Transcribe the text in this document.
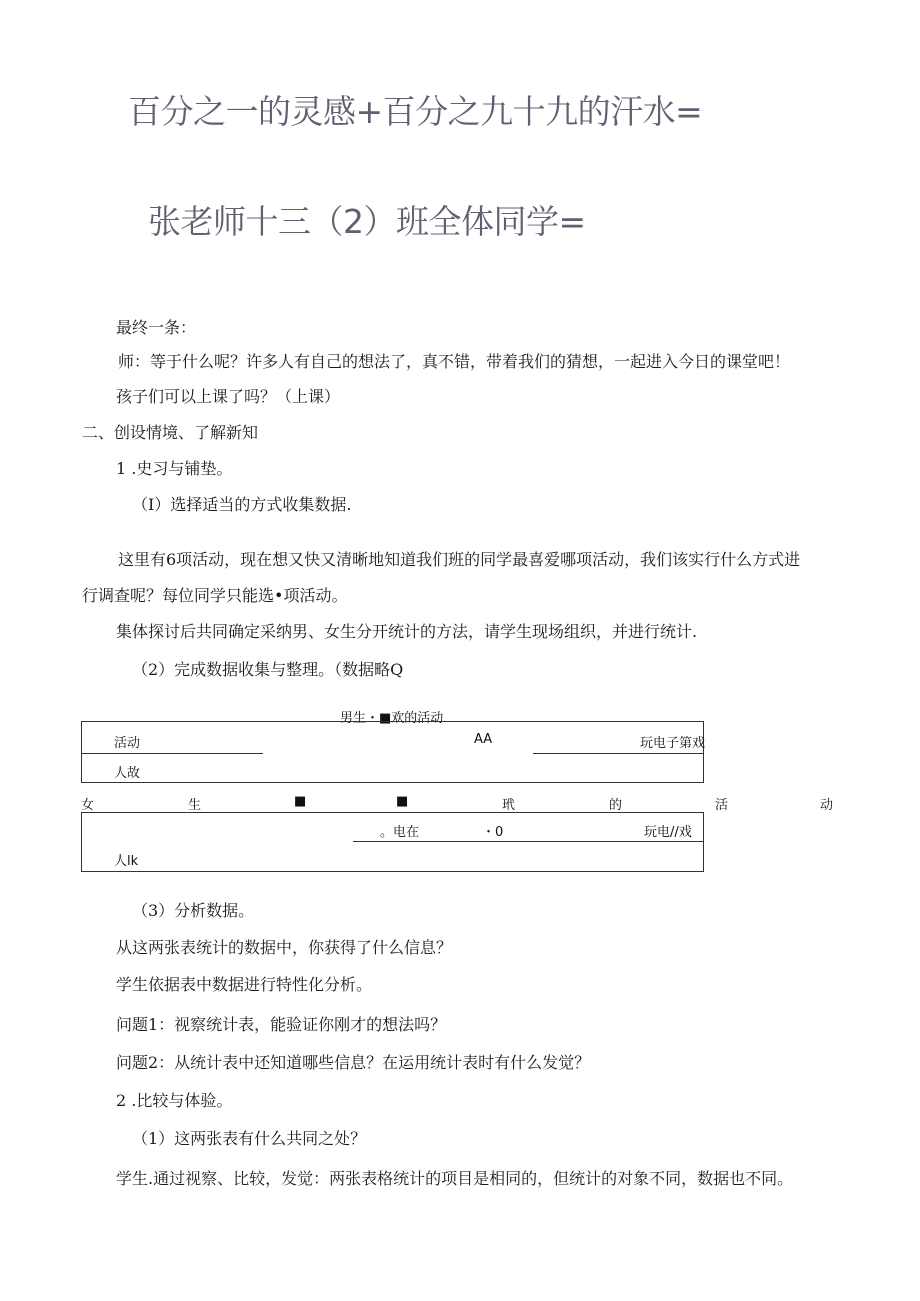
百分之一的灵感+百分之九十九的汗水=
张老师十三（2）班全体同学=
最终一条：
师：等于什么呢？许多人有自己的想法了，真不错，带着我们的猜想，一起进入今日的课堂吧！
孩子们可以上课了吗？（上课）
二、创设情境、了解新知
1 .史习与铺垫。
（I）选择适当的方式收集数据.
这里有6项活动，现在想又快又清晰地知道我们班的同学最喜爱哪项活动，我们该实行什么方式进
行调查呢？每位同学只能选•项活动。
集体探讨后共同确定采纳男、女生分开统计的方法，请学生现场组织，并进行统计.
（2）完成数据收集与整理。（数据略Q
男生・■欢的活动
活动	AA	玩电子第戏
人故
女	生	■	■	玳	的	活	动
。电在	・0	玩电//戏
人lk
（3）分析数据。
从这两张表统计的数据中，你获得了什么信息？
学生依据表中数据进行特性化分析。
问题1：视察统计表，能验证你刚才的想法吗？
问题2：从统计表中还知道哪些信息？在运用统计表时有什么发觉？
2 .比较与体验。
（1）这两张表有什么共同之处？
学生.通过视察、比较，发觉：两张表格统计的项目是相同的，但统计的对象不同，数据也不同。
